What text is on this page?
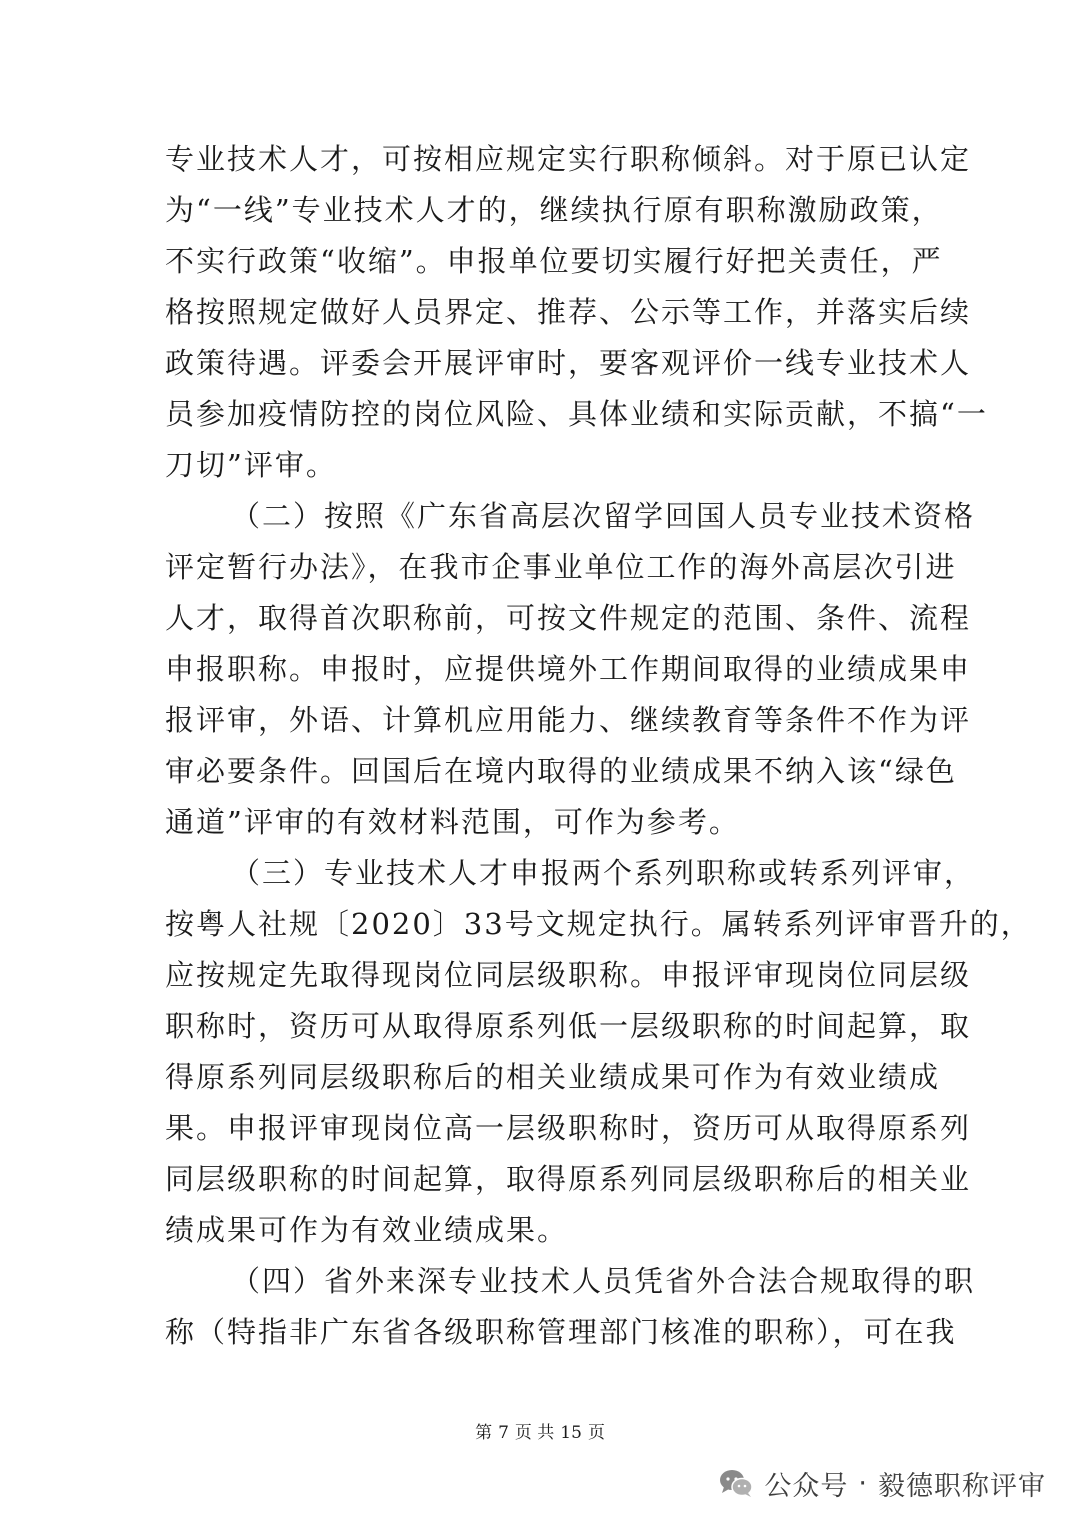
专业技术人才，可按相应规定实行职称倾斜。对于原已认定
为“一线”专业技术人才的，继续执行原有职称激励政策，
不实行政策“收缩”。申报单位要切实履行好把关责任，严
格按照规定做好人员界定、推荐、公示等工作，并落实后续
政策待遇。评委会开展评审时，要客观评价一线专业技术人
员参加疫情防控的岗位风险、具体业绩和实际贡献，不搞“一
刀切”评审。
（二）按照《广东省高层次留学回国人员专业技术资格
评定暂行办法》，在我市企事业单位工作的海外高层次引进
人才，取得首次职称前，可按文件规定的范围、条件、流程
申报职称。申报时，应提供境外工作期间取得的业绩成果申
报评审，外语、计算机应用能力、继续教育等条件不作为评
审必要条件。回国后在境内取得的业绩成果不纳入该“绿色
通道”评审的有效材料范围，可作为参考。
（三）专业技术人才申报两个系列职称或转系列评审，
按粤人社规〔2020〕33号文规定执行。属转系列评审晋升的，
应按规定先取得现岗位同层级职称。申报评审现岗位同层级
职称时，资历可从取得原系列低一层级职称的时间起算，取
得原系列同层级职称后的相关业绩成果可作为有效业绩成
果。申报评审现岗位高一层级职称时，资历可从取得原系列
同层级职称的时间起算，取得原系列同层级职称后的相关业
绩成果可作为有效业绩成果。
（四）省外来深专业技术人员凭省外合法合规取得的职
称（特指非广东省各级职称管理部门核准的职称），可在我
第 7 页 共 15 页
公众号 · 毅德职称评审
